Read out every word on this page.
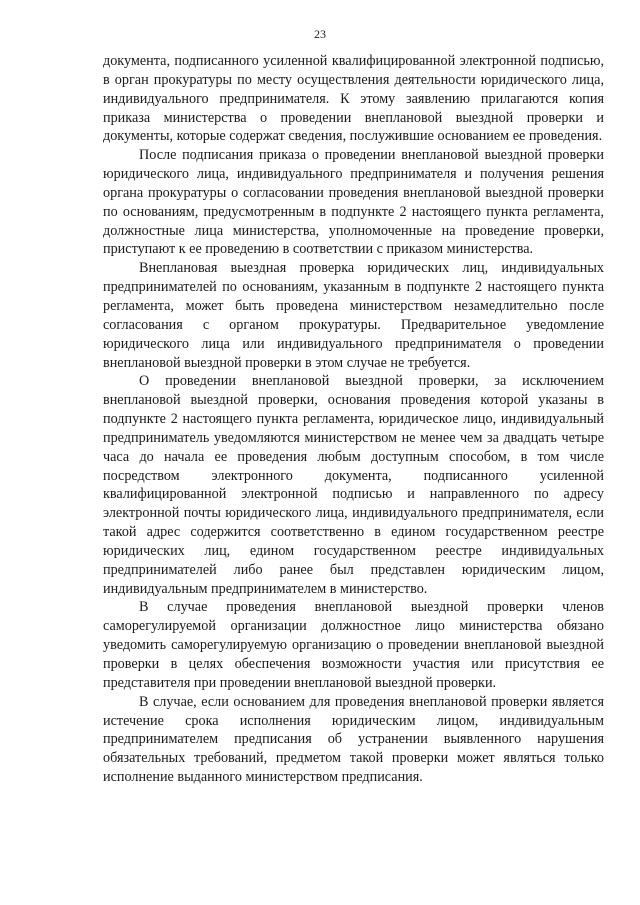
23

документа, подписанного усиленной квалифицированной электронной подписью, в орган прокуратуры по месту осуществления деятельности юридического лица, индивидуального предпринимателя. К этому заявлению прилагаются копия приказа министерства о проведении внеплановой выездной проверки и документы, которые содержат сведения, послужившие основанием ее проведения.

После подписания приказа о проведении внеплановой выездной проверки юридического лица, индивидуального предпринимателя и получения решения органа прокуратуры о согласовании проведения внеплановой выездной проверки по основаниям, предусмотренным в подпункте 2 настоящего пункта регламента, должностные лица министерства, уполномоченные на проведение проверки, приступают к ее проведению в соответствии с приказом министерства.

Внеплановая выездная проверка юридических лиц, индивидуальных предпринимателей по основаниям, указанным в подпункте 2 настоящего пункта регламента, может быть проведена министерством незамедлительно после согласования с органом прокуратуры. Предварительное уведомление юридического лица или индивидуального предпринимателя о проведении внеплановой выездной проверки в этом случае не требуется.

О проведении внеплановой выездной проверки, за исключением внеплановой выездной проверки, основания проведения которой указаны в подпункте 2 настоящего пункта регламента, юридическое лицо, индивидуальный предприниматель уведомляются министерством не менее чем за двадцать четыре часа до начала ее проведения любым доступным способом, в том числе посредством электронного документа, подписанного усиленной квалифицированной электронной подписью и направленного по адресу электронной почты юридического лица, индивидуального предпринимателя, если такой адрес содержится соответственно в едином государственном реестре юридических лиц, едином государственном реестре индивидуальных предпринимателей либо ранее был представлен юридическим лицом, индивидуальным предпринимателем в министерство.

В случае проведения внеплановой выездной проверки членов саморегулируемой организации должностное лицо министерства обязано уведомить саморегулируемую организацию о проведении внеплановой выездной проверки в целях обеспечения возможности участия или присутствия ее представителя при проведении внеплановой выездной проверки.

В случае, если основанием для проведения внеплановой проверки является истечение срока исполнения юридическим лицом, индивидуальным предпринимателем предписания об устранении выявленного нарушения обязательных требований, предметом такой проверки может являться только исполнение выданного министерством предписания.
